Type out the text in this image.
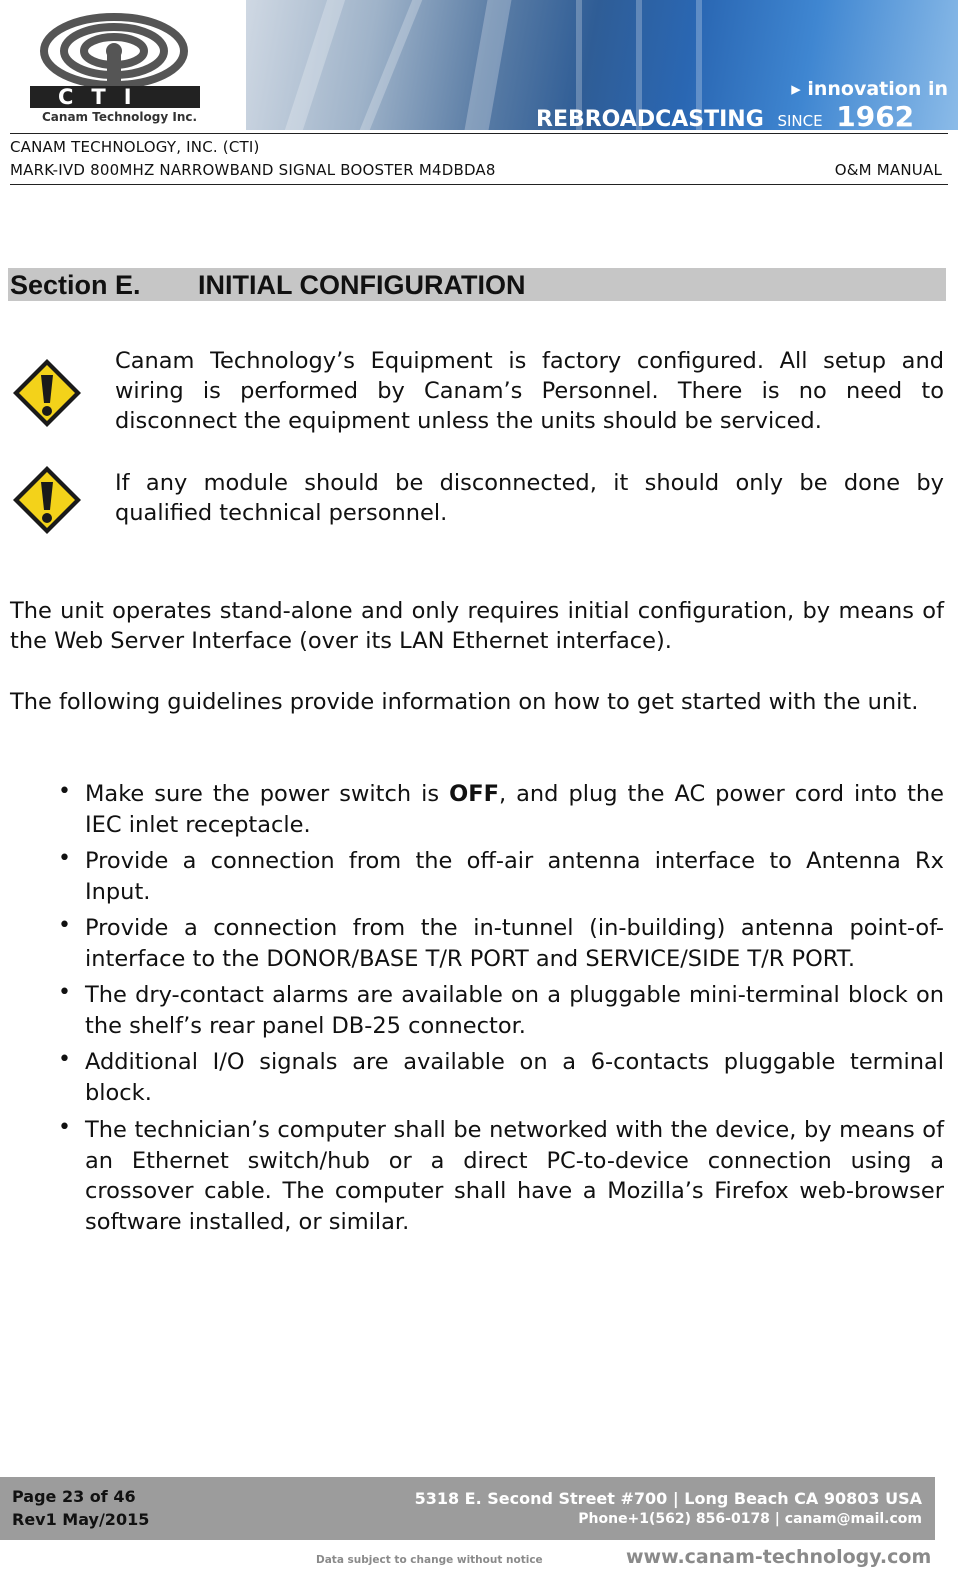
CTI
Canam Technology Inc.
▸ innovation in
REBROADCASTING SINCE 1962
CANAM TECHNOLOGY, INC. (CTI)
MARK-IVD 800MHZ NARROWBAND SIGNAL BOOSTER M4DBDA8	O&M MANUAL
Section E. INITIAL CONFIGURATION
Canam Technology’s Equipment is factory configured. All setup and wiring is performed by Canam’s Personnel. There is no need to disconnect the equipment unless the units should be serviced.
If any module should be disconnected, it should only be done by qualified technical personnel.
The unit operates stand-alone and only requires initial configuration, by means of the Web Server Interface (over its LAN Ethernet interface).
The following guidelines provide information on how to get started with the unit.
• Make sure the power switch is OFF, and plug the AC power cord into the IEC inlet receptacle.
• Provide a connection from the off-air antenna interface to Antenna Rx Input.
• Provide a connection from the in-tunnel (in-building) antenna point-of-interface to the DONOR/BASE T/R PORT and SERVICE/SIDE T/R PORT.
• The dry-contact alarms are available on a pluggable mini-terminal block on the shelf’s rear panel DB-25 connector.
• Additional I/O signals are available on a 6-contacts pluggable terminal block.
• The technician’s computer shall be networked with the device, by means of an Ethernet switch/hub or a direct PC-to-device connection using a crossover cable. The computer shall have a Mozilla’s Firefox web-browser software installed, or similar.
Page 23 of 46
Rev1 May/2015
5318 E. Second Street #700 | Long Beach CA 90803 USA
Phone+1(562) 856-0178 | canam@mail.com
Data subject to change without notice	www.canam-technology.com
